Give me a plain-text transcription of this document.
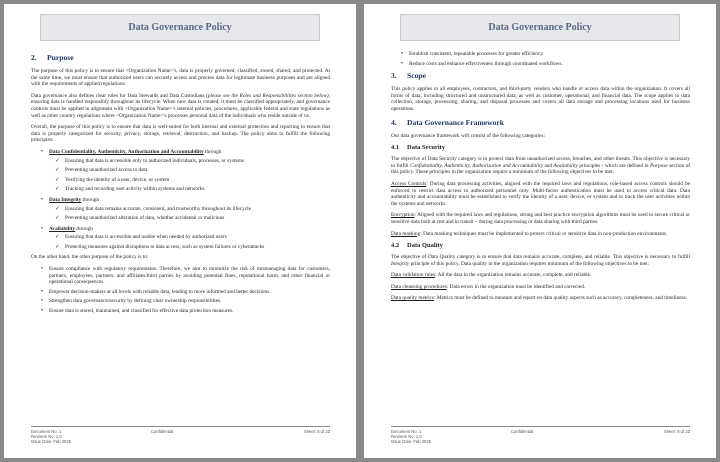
Data Governance Policy
2. Purpose

The purpose of this policy is to ensure that <Organization Name>'s, data is properly governed, classified, stored, shared, and protected. At the same time, we must ensure that authorized users can securely access and process data for legitimate business purposes and are aligned with the requirements of applied regulations.

Data governance also defines clear roles for Data Stewards and Data Custodians (please see the Roles and Responsibilities section below), ensuring data is handled responsibly throughout its lifecycle. When new data is created, it must be classified appropriately, and governance controls must be applied in alignment with <Organization Name>'s internal policies, procedures, applicable federal and state regulations as well as other country regulations where <Organization Name>'s processes personal data of the individuals who reside outside of us.

Overall, the purpose of this policy is to ensure that data is well-suited for both internal and external protection and reporting to ensure that data is properly categorized for security, privacy, storage, retrieval, destruction, and backup. The policy aims to fulfill the following principles:

• Data Confidentiality, Authenticity, Authorization and Accountability through
✓ Ensuring that data is accessible only to authorized individuals, processes, or systems
✓ Preventing unauthorized access to data
✓ Verifying the identity of a user, device, or system
✓ Tracking and recording user activity within systems and networks
• Data Integrity through
✓ Ensuring that data remains accurate, consistent, and trustworthy throughout its lifecycle
✓ Preventing unauthorized alteration of data, whether accidental or malicious
• Availability through
✓ Ensuring that data is accessible and usable when needed by authorized users
✓ Protecting measures against disruptions to data access, such as system failures or cyberattacks

On the other hand, the other purpose of the policy is to:

• Ensure compliance with regulatory requirements. Therefore, we aim to minimize the risk of mismanaging data for customers, partners, employees, partners, and affiliates/third parties by avoiding potential fines, reputational harm, and other financial or operational consequences.
• Empower decision-makers at all levels with reliable data, leading to more informed and better decisions.
• Strengthen data governance/security by defining clear ownership responsibilities.
• Ensure data is stored, maintained, and classified for effective data protection measures.
Document No. 1
Revision No: 1.0
Issue Date: Feb 2025
Confidential	Sheet: 5 of 23
Data Governance Policy
• Establish consistent, repeatable processes for greater efficiency.
• Reduce costs and enhance effectiveness through coordinated workflows.
3. Scope

This policy applies to all employees, contractors, and third-party vendors who handle or access data within the organization. It covers all forms of data, including structured and unstructured data, as well as customer, operational, and financial data. The scope applies to data collection, storage, processing, sharing, and disposal processes and covers all data storage and processing locations used for business operations.

4. Data Governance Framework

Our data governance framework will consist of the following categories:

4.1 Data Security

The objective of Data Security category is to protect data from unauthorized access, breaches, and other threats. This objective is necessary to fulfill Confidentiality, Authenticity, Authorization and Accountability and Availability principles - which are defined in Purpose section of this policy. These principles in the organization require a minimum of the following objectives to be met:

Access Controls: During data processing activities, aligned with the required laws and regulations, role-based access controls should be enforced to restrict data access to authorized personnel only. Multi-factor authentication must be used to access critical data. Data authenticity and accountability must be established to verify the identity of a user, device, or system and to track the user activities within the systems and networks.

Encryption: Aligned with the required laws and regulations, strong and best practice encryption algorithms must be used to secure critical or sensitive data both at rest and in transit – during data processing or data sharing with third parties.

Data masking: Data masking techniques must be implemented to protect critical or sensitive data in non-production environments.

4.2 Data Quality

The objective of Data Quality category is to ensure that data remains accurate, complete, and reliable. This objective is necessary to fulfill Integrity principle of this policy. Data quality in the organization requires minimum of the following objectives to be met:

Data validation rules: All the data in the organization remains accurate, complete, and reliable.

Data cleansing procedures: Data errors in the organization must be identified and corrected.

Data quality metrics: Metrics must be defined to measure and report on data quality aspects such as accuracy, completeness, and timeliness.

Document No. 1
Revision No: 1.0
Issue Date: Feb 2025
Confidential	Sheet: 6 of 23
